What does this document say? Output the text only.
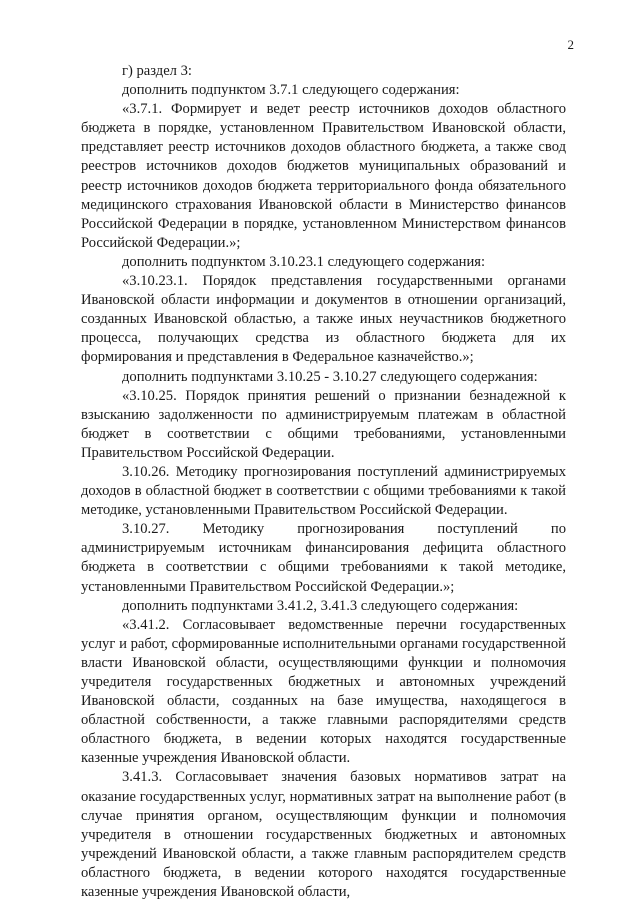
2

г) раздел 3:

дополнить подпунктом 3.7.1 следующего содержания:

«3.7.1. Формирует и ведет реестр источников доходов областного бюджета в порядке, установленном Правительством Ивановской области, представляет реестр источников доходов областного бюджета, а также свод реестров источников доходов бюджетов муниципальных образований и реестр источников доходов бюджета территориального фонда обязательного медицинского страхования Ивановской области в Министерство финансов Российской Федерации в порядке, установленном Министерством финансов Российской Федерации.»;

дополнить подпунктом 3.10.23.1 следующего содержания:

«3.10.23.1. Порядок представления государственными органами Ивановской области информации и документов в отношении организаций, созданных Ивановской областью, а также иных неучастников бюджетного процесса, получающих средства из областного бюджета для их формирования и представления в Федеральное казначейство.»;

дополнить подпунктами 3.10.25 - 3.10.27 следующего содержания:

«3.10.25. Порядок принятия решений о признании безнадежной к взысканию задолженности по администрируемым платежам в областной бюджет в соответствии с общими требованиями, установленными Правительством Российской Федерации.

3.10.26. Методику прогнозирования поступлений администрируемых доходов в областной бюджет в соответствии с общими требованиями к такой методике, установленными Правительством Российской Федерации.

3.10.27. Методику прогнозирования поступлений по администрируемым источникам финансирования дефицита областного бюджета в соответствии с общими требованиями к такой методике, установленными Правительством Российской Федерации.»;

дополнить подпунктами 3.41.2, 3.41.3 следующего содержания:

«3.41.2. Согласовывает ведомственные перечни государственных услуг и работ, сформированные исполнительными органами государственной власти Ивановской области, осуществляющими функции и полномочия учредителя государственных бюджетных и автономных учреждений Ивановской области, созданных на базе имущества, находящегося в областной собственности, а также главными распорядителями средств областного бюджета, в ведении которых находятся государственные казенные учреждения Ивановской области.

3.41.3. Согласовывает значения базовых нормативов затрат на оказание государственных услуг, нормативных затрат на выполнение работ (в случае принятия органом, осуществляющим функции и полномочия учредителя в отношении государственных бюджетных и автономных учреждений Ивановской области, а также главным распорядителем средств областного бюджета, в ведении которого находятся государственные казенные учреждения Ивановской области,
